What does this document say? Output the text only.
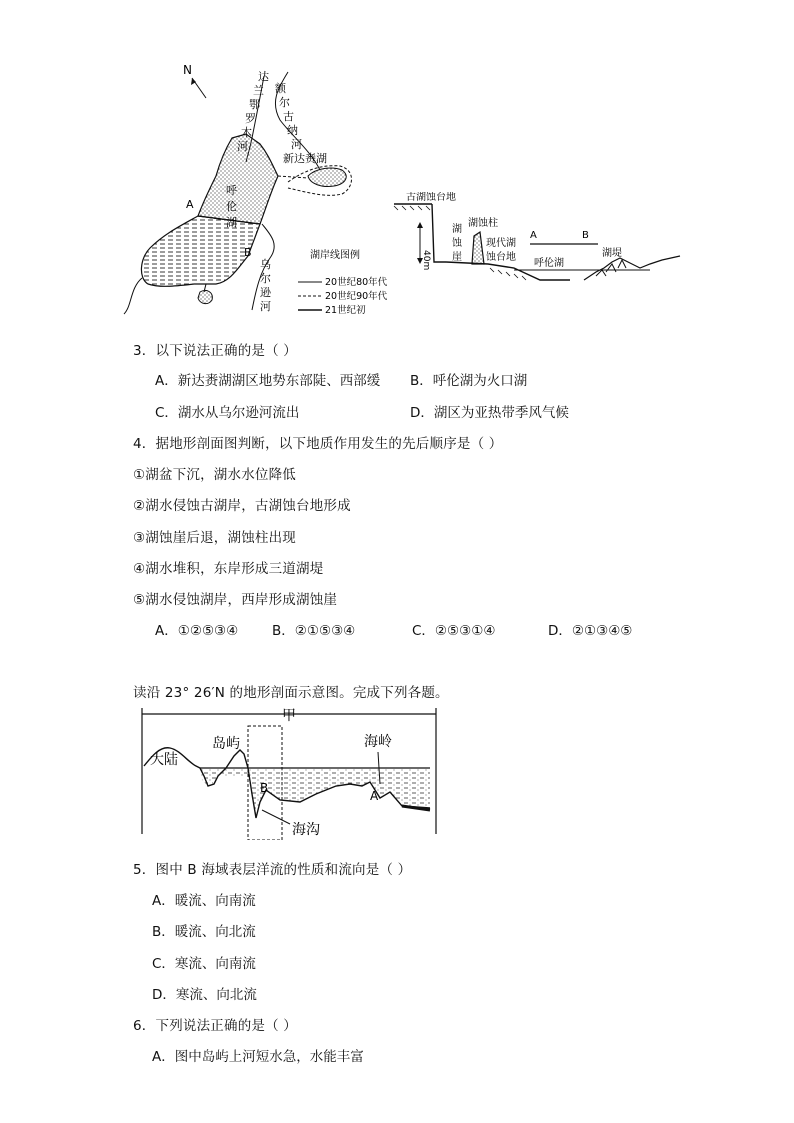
N	达
兰
鄂
罗
木
河
额
尔
古
纳
河
新达赉湖
呼
伦
湖
A
B
乌
尔
逊
河
湖岸线图例
20世纪80年代
20世纪90年代
21世纪初
古湖蚀台地
湖
蚀
崖
40m
湖蚀柱
现代湖
蚀台地
A	B
呼伦湖
湖堤
3．以下说法正确的是（ ）
A．新达赉湖湖区地势东部陡、西部缓 B．呼伦湖为火口湖
C．湖水从乌尔逊河流出	D．湖区为亚热带季风气候
4．据地形剖面图判断，以下地质作用发生的先后顺序是（ ）
①湖盆下沉，湖水水位降低
②湖水侵蚀古湖岸，古湖蚀台地形成
③湖蚀崖后退，湖蚀柱出现
④湖水堆积，东岸形成三道湖堤
⑤湖水侵蚀湖岸，西岸形成湖蚀崖
A．①②⑤③④	B．②①⑤③④	C．②⑤③①④	D．②①③④⑤
读沿 23° 26′N 的地形剖面示意图。完成下列各题。
甲
大陆
岛屿	海岭
B
A
海沟
5．图中 B 海域表层洋流的性质和流向是（ ）
A．暖流、向南流
B．暖流、向北流
C．寒流、向南流
D．寒流、向北流
6．下列说法正确的是（ ）
A．图中岛屿上河短水急，水能丰富
